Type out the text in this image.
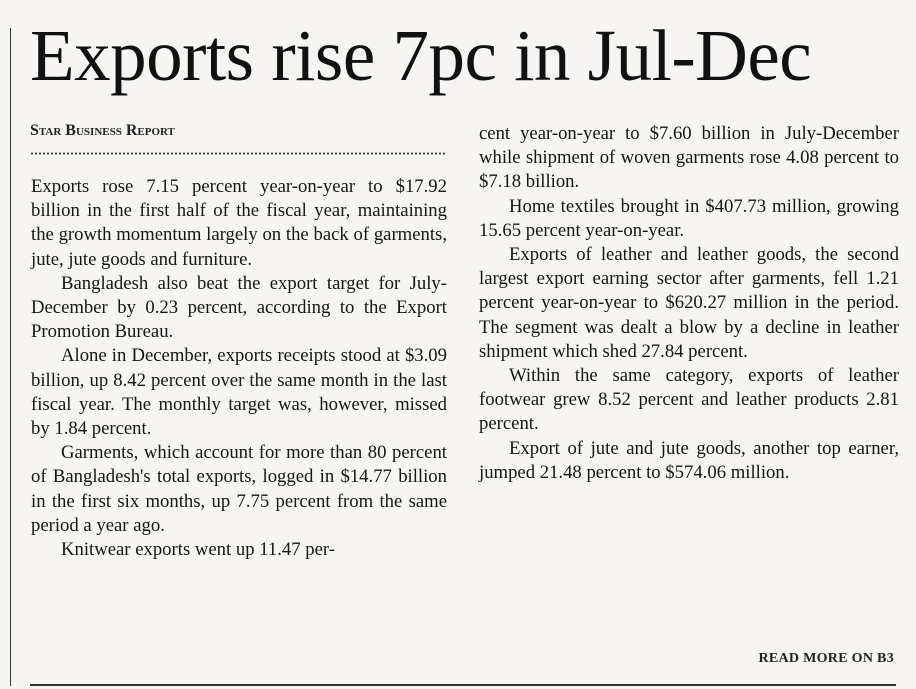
Exports rise 7pc in Jul-Dec
Star Business Report

Exports rose 7.15 percent year-on-year to $17.92 billion in the first half of the fiscal year, maintaining the growth momentum largely on the back of garments, jute, jute goods and furniture.

Bangladesh also beat the export target for July-December by 0.23 percent, according to the Export Promotion Bureau.

Alone in December, exports receipts stood at $3.09 billion, up 8.42 percent over the same month in the last fiscal year. The monthly target was, however, missed by 1.84 percent.

Garments, which account for more than 80 percent of Bangladesh's total exports, logged in $14.77 billion in the first six months, up 7.75 percent from the same period a year ago.

Knitwear exports went up 11.47 per-

cent year-on-year to $7.60 billion in July-December while shipment of woven garments rose 4.08 percent to $7.18 billion.

Home textiles brought in $407.73 million, growing 15.65 percent year-on-year.

Exports of leather and leather goods, the second largest export earning sector after garments, fell 1.21 percent year-on-year to $620.27 million in the period. The segment was dealt a blow by a decline in leather shipment which shed 27.84 percent.

Within the same category, exports of leather footwear grew 8.52 percent and leather products 2.81 percent.

Export of jute and jute goods, another top earner, jumped 21.48 percent to $574.06 million.

READ MORE ON B3
